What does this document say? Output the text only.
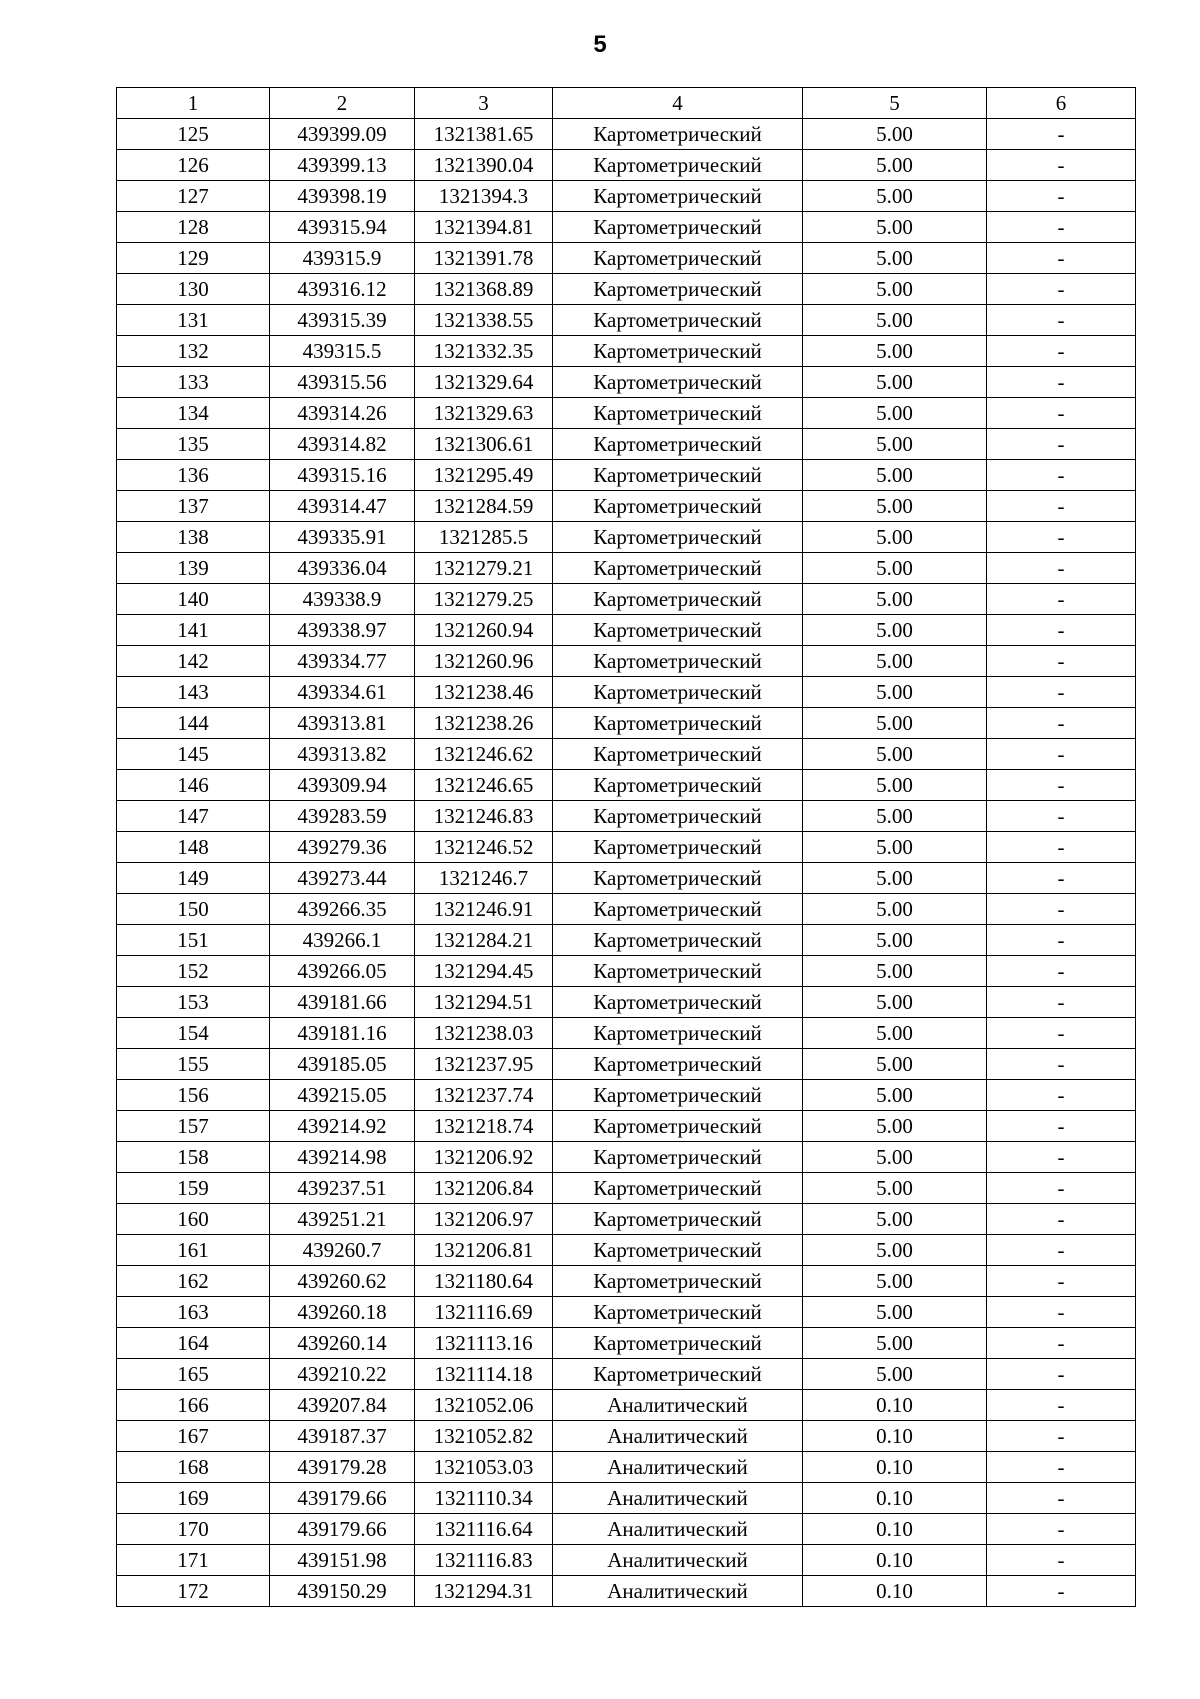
5
1	2	3	4	5	6
125	439399.09	1321381.65	Картометрический	5.00	-
126	439399.13	1321390.04	Картометрический	5.00	-
127	439398.19	1321394.3	Картометрический	5.00	-
128	439315.94	1321394.81	Картометрический	5.00	-
129	439315.9	1321391.78	Картометрический	5.00	-
130	439316.12	1321368.89	Картометрический	5.00	-
131	439315.39	1321338.55	Картометрический	5.00	-
132	439315.5	1321332.35	Картометрический	5.00	-
133	439315.56	1321329.64	Картометрический	5.00	-
134	439314.26	1321329.63	Картометрический	5.00	-
135	439314.82	1321306.61	Картометрический	5.00	-
136	439315.16	1321295.49	Картометрический	5.00	-
137	439314.47	1321284.59	Картометрический	5.00	-
138	439335.91	1321285.5	Картометрический	5.00	-
139	439336.04	1321279.21	Картометрический	5.00	-
140	439338.9	1321279.25	Картометрический	5.00	-
141	439338.97	1321260.94	Картометрический	5.00	-
142	439334.77	1321260.96	Картометрический	5.00	-
143	439334.61	1321238.46	Картометрический	5.00	-
144	439313.81	1321238.26	Картометрический	5.00	-
145	439313.82	1321246.62	Картометрический	5.00	-
146	439309.94	1321246.65	Картометрический	5.00	-
147	439283.59	1321246.83	Картометрический	5.00	-
148	439279.36	1321246.52	Картометрический	5.00	-
149	439273.44	1321246.7	Картометрический	5.00	-
150	439266.35	1321246.91	Картометрический	5.00	-
151	439266.1	1321284.21	Картометрический	5.00	-
152	439266.05	1321294.45	Картометрический	5.00	-
153	439181.66	1321294.51	Картометрический	5.00	-
154	439181.16	1321238.03	Картометрический	5.00	-
155	439185.05	1321237.95	Картометрический	5.00	-
156	439215.05	1321237.74	Картометрический	5.00	-
157	439214.92	1321218.74	Картометрический	5.00	-
158	439214.98	1321206.92	Картометрический	5.00	-
159	439237.51	1321206.84	Картометрический	5.00	-
160	439251.21	1321206.97	Картометрический	5.00	-
161	439260.7	1321206.81	Картометрический	5.00	-
162	439260.62	1321180.64	Картометрический	5.00	-
163	439260.18	1321116.69	Картометрический	5.00	-
164	439260.14	1321113.16	Картометрический	5.00	-
165	439210.22	1321114.18	Картометрический	5.00	-
166	439207.84	1321052.06	Аналитический	0.10	-
167	439187.37	1321052.82	Аналитический	0.10	-
168	439179.28	1321053.03	Аналитический	0.10	-
169	439179.66	1321110.34	Аналитический	0.10	-
170	439179.66	1321116.64	Аналитический	0.10	-
171	439151.98	1321116.83	Аналитический	0.10	-
172	439150.29	1321294.31	Аналитический	0.10	-
